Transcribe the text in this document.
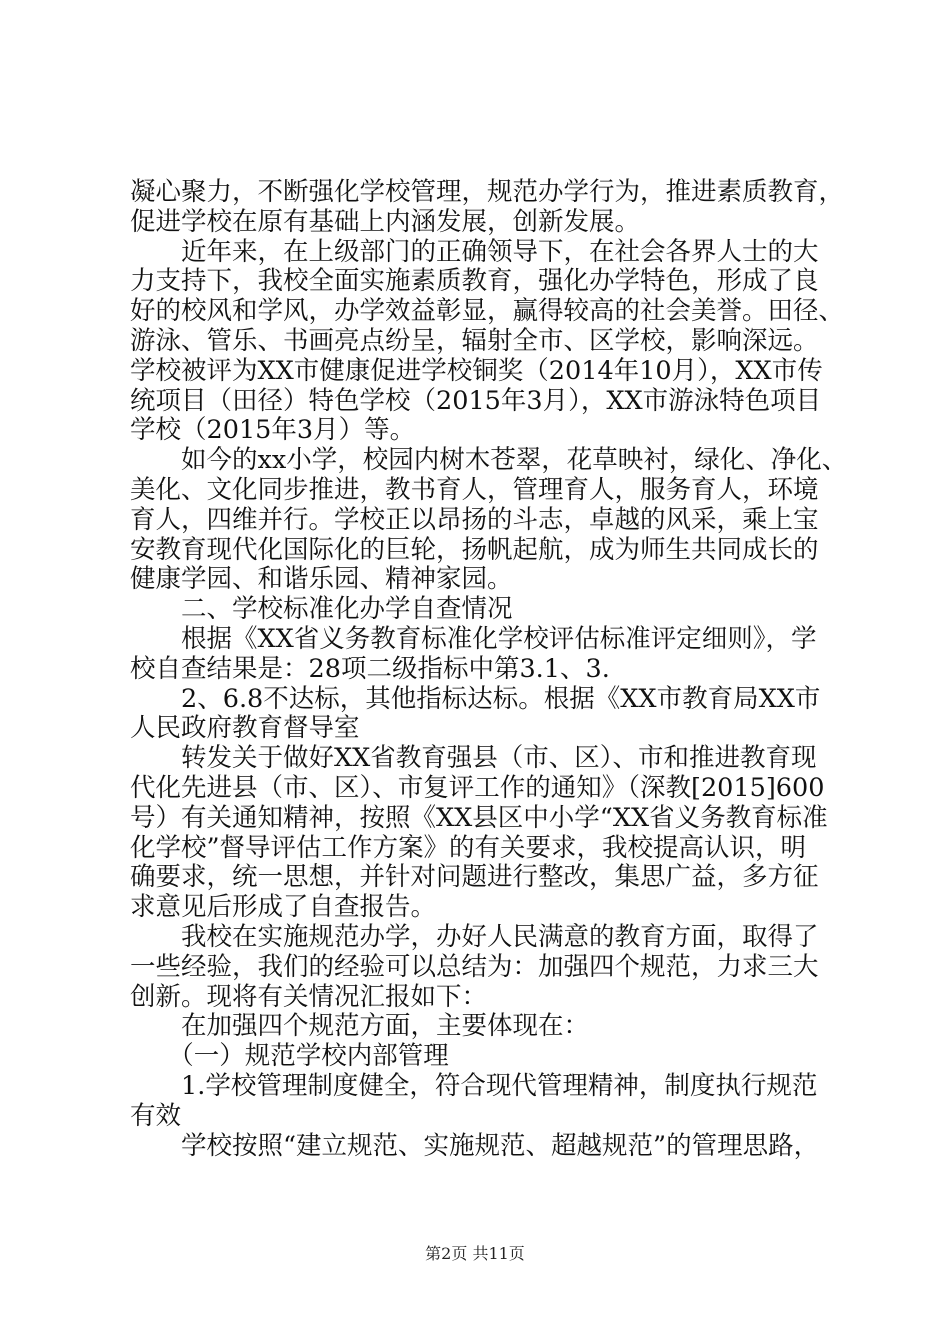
凝心聚力，不断强化学校管理，规范办学行为，推进素质教育，
促进学校在原有基础上内涵发展，创新发展。
　　近年来，在上级部门的正确领导下，在社会各界人士的大
力支持下，我校全面实施素质教育，强化办学特色，形成了良
好的校风和学风，办学效益彰显，赢得较高的社会美誉。田径、
游泳、管乐、书画亮点纷呈，辐射全市、区学校，影响深远。
学校被评为XX市健康促进学校铜奖（2014年10月），XX市传
统项目（田径）特色学校（2015年3月），XX市游泳特色项目
学校（2015年3月）等。
　　如今的xx小学，校园内树木苍翠，花草映衬，绿化、净化、
美化、文化同步推进，教书育人，管理育人，服务育人，环境
育人，四维并行。学校正以昂扬的斗志，卓越的风采，乘上宝
安教育现代化国际化的巨轮，扬帆起航，成为师生共同成长的
健康学园、和谐乐园、精神家园。
　　二、学校标准化办学自查情况
　　根据《XX省义务教育标准化学校评估标准评定细则》，学
校自查结果是：28项二级指标中第3.1、3.
　　2、6.8不达标，其他指标达标。根据《XX市教育局XX市
人民政府教育督导室
　　转发关于做好XX省教育强县（市、区）、市和推进教育现
代化先进县（市、区）、市复评工作的通知》（深教[2015]600
号）有关通知精神，按照《XX县区中小学“XX省义务教育标准
化学校”督导评估工作方案》的有关要求，我校提高认识，明
确要求，统一思想，并针对问题进行整改，集思广益，多方征
求意见后形成了自查报告。
　　我校在实施规范办学，办好人民满意的教育方面，取得了
一些经验，我们的经验可以总结为：加强四个规范，力求三大
创新。现将有关情况汇报如下：
　　在加强四个规范方面，主要体现在：
　　（一）规范学校内部管理
　　1.学校管理制度健全，符合现代管理精神，制度执行规范
有效
　　学校按照“建立规范、实施规范、超越规范”的管理思路，
第2页 共11页
